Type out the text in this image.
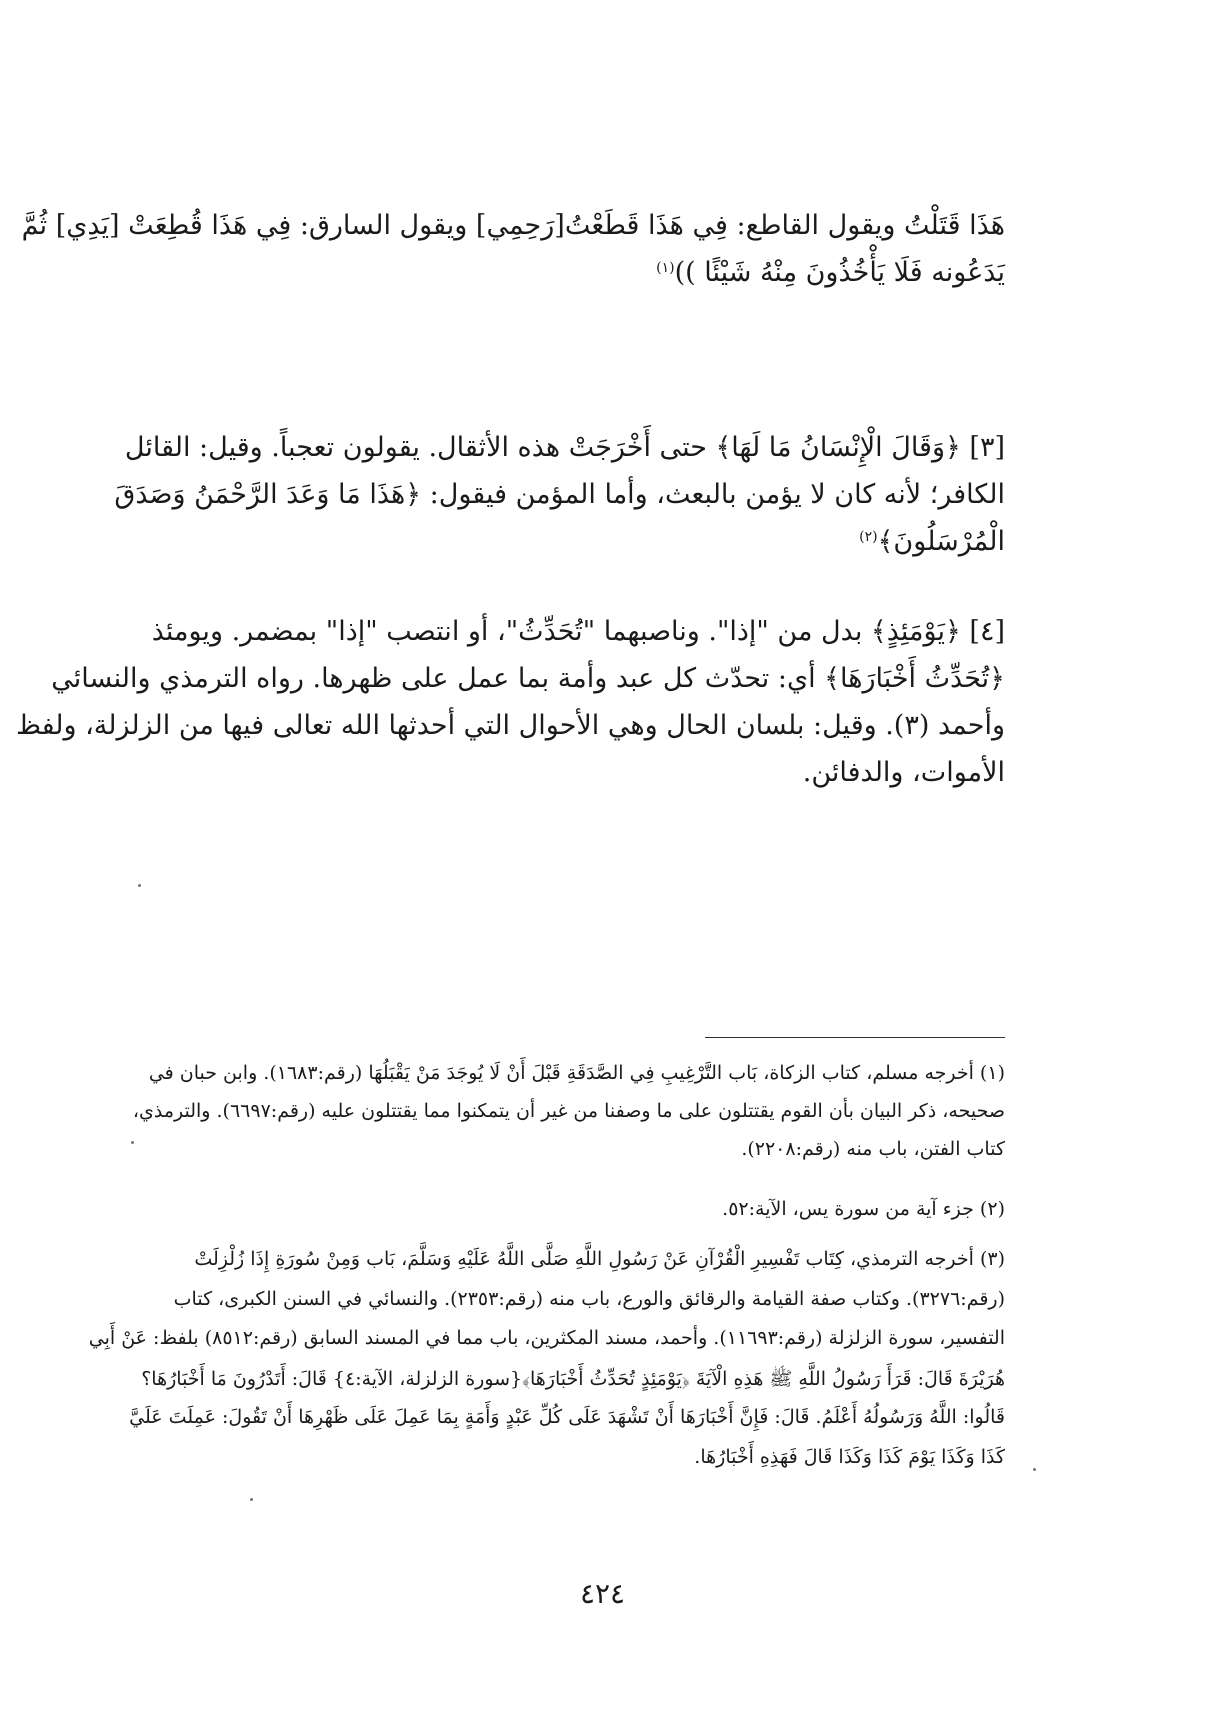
هَذَا قَتَلْتُ ويقول القاطع: فِي هَذَا قَطَعْتُ[رَحِمِي] ويقول السارق: فِي هَذَا قُطِعَتْ [يَدِي] ثُمَّ
يَدَعُونه فَلَا يَأْخُذُونَ مِنْهُ شَيْئًا ))$^{(١)}$
[٣] ﴿وَقَالَ الْإِنْسَانُ مَا لَهَا﴾ حتى أَخْرَجَتْ هذه الأثقال. يقولون تعجباً. وقيل: القائل
الكافر؛ لأنه كان لا يؤمن بالبعث، وأما المؤمن فيقول: ﴿هَذَا مَا وَعَدَ الرَّحْمَنُ وَصَدَقَ
الْمُرْسَلُونَ﴾$^{(٢)}$
[٤] ﴿يَوْمَئِذٍ﴾ بدل من "إذا". وناصبهما "تُحَدِّثُ"، أو انتصب "إذا" بمضمر. ويومئذ
﴿تُحَدِّثُ أَخْبَارَهَا﴾ أي: تحدّث كل عبد وأمة بما عمل على ظهرها. رواه الترمذي والنسائي
وأحمد (٣). وقيل: بلسان الحال وهي الأحوال التي أحدثها الله تعالى فيها من الزلزلة، ولفظ
الأموات، والدفائن.
(١) أخرجه مسلم، كتاب الزكاة، بَاب التَّرْغِيبِ فِي الصَّدَقَةِ قَبْلَ أَنْ لَا يُوجَدَ مَنْ يَقْبَلُهَا (رقم:١٦٨٣). وابن حبان في
صحيحه، ذكر البيان بأن القوم يقتتلون على ما وصفنا من غير أن يتمكنوا مما يقتتلون عليه (رقم:٦٦٩٧). والترمذي،
كتاب الفتن، باب منه (رقم:٢٢٠٨).
(٢) جزء آية من سورة يس، الآية:٥٢.
(٣) أخرجه الترمذي، كِتَاب تَفْسِيرِ الْقُرْآنِ عَنْ رَسُولِ اللَّهِ صَلَّى اللَّهُ عَلَيْهِ وَسَلَّمَ، بَاب وَمِنْ سُورَةِ إِذَا زُلْزِلَتْ
(رقم:٣٢٧٦). وكتاب صفة القيامة والرقائق والورع، باب منه (رقم:٢٣٥٣). والنسائي في السنن الكبرى، كتاب
التفسير، سورة الزلزلة (رقم:١١٦٩٣). وأحمد، مسند المكثرين، باب مما في المسند السابق (رقم:٨٥١٢) بلفظ: عَنْ أَبِي
هُرَيْرَةَ قَالَ: قَرَأَ رَسُولُ اللَّهِ ﷺ هَذِهِ الْآيَةَ ﴿يَوْمَئِذٍ تُحَدِّثُ أَخْبَارَهَا﴾{سورة الزلزلة، الآية:٤} قَالَ: أَتَدْرُونَ مَا أَخْبَارُهَا؟
قَالُوا: اللَّهُ وَرَسُولُهُ أَعْلَمُ. قَالَ: فَإِنَّ أَخْبَارَهَا أَنْ تَشْهَدَ عَلَى كُلِّ عَبْدٍ وَأَمَةٍ بِمَا عَمِلَ عَلَى ظَهْرِهَا أَنْ تَقُولَ: عَمِلَتَ عَلَيَّ
كَذَا وَكَذَا يَوْمَ كَذَا وَكَذَا قَالَ فَهَذِهِ أَخْبَارُهَا.
٤٢٤
